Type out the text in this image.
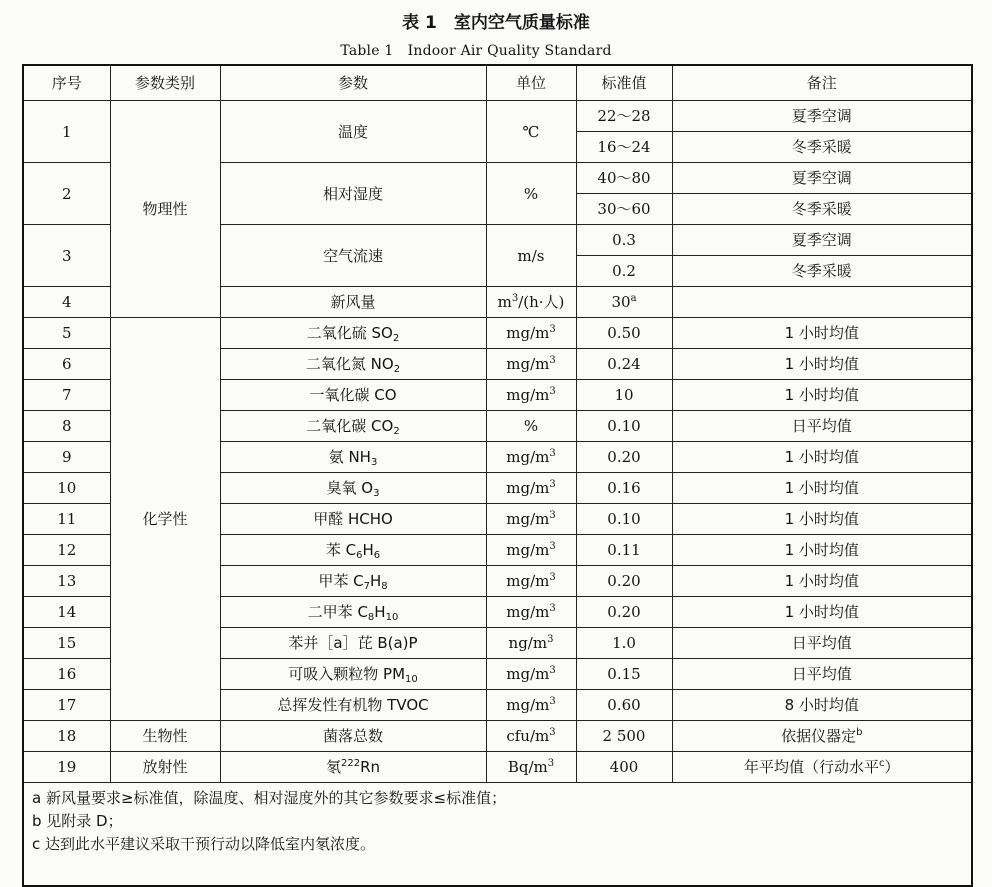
表 1　室内空气质量标准
Table 1　Indoor Air Quality Standard
序号	参数类别	参数	单位	标准值	备注
1	物理性	温度	℃	22～28	夏季空调
				16～24	冬季采暖
2		相对湿度	%	40～80	夏季空调
				30～60	冬季采暖
3		空气流速	m/s	0.3	夏季空调
				0.2	冬季采暖
4		新风量	$m^3/(h\cdot$人)	30$^a$	
5	化学性	二氧化硫 $SO_2$	$mg/m^3$	0.50	1 小时均值
6		二氧化氮 $NO_2$	$mg/m^3$	0.24	1 小时均值
7		一氧化碳 CO	$mg/m^3$	10	1 小时均值
8		二氧化碳 $CO_2$	%	0.10	日平均值
9		氨 $NH_3$	$mg/m^3$	0.20	1 小时均值
10		臭氧 $O_3$	$mg/m^3$	0.16	1 小时均值
11		甲醛 HCHO	$mg/m^3$	0.10	1 小时均值
12		苯 $C_6H_6$	$mg/m^3$	0.11	1 小时均值
13		甲苯 $C_7H_8$	$mg/m^3$	0.20	1 小时均值
14		二甲苯 $C_8H_{10}$	$mg/m^3$	0.20	1 小时均值
15		苯并［a］芘 B(a)P	$ng/m^3$	1.0	日平均值
16		可吸入颗粒物 $PM_{10}$	$mg/m^3$	0.15	日平均值
17		总挥发性有机物 TVOC	$mg/m^3$	0.60	8 小时均值
18	生物性	菌落总数	cfu/$m^3$	2 500	依据仪器定$^b$
19	放射性	氡$^{222}$Rn	$Bq/m^3$	400	年平均值（行动水平$^c$）

a 新风量要求≥标准值，除温度、相对湿度外的其它参数要求≤标准值；
b 见附录 D；
c 达到此水平建议采取干预行动以降低室内氡浓度。					
